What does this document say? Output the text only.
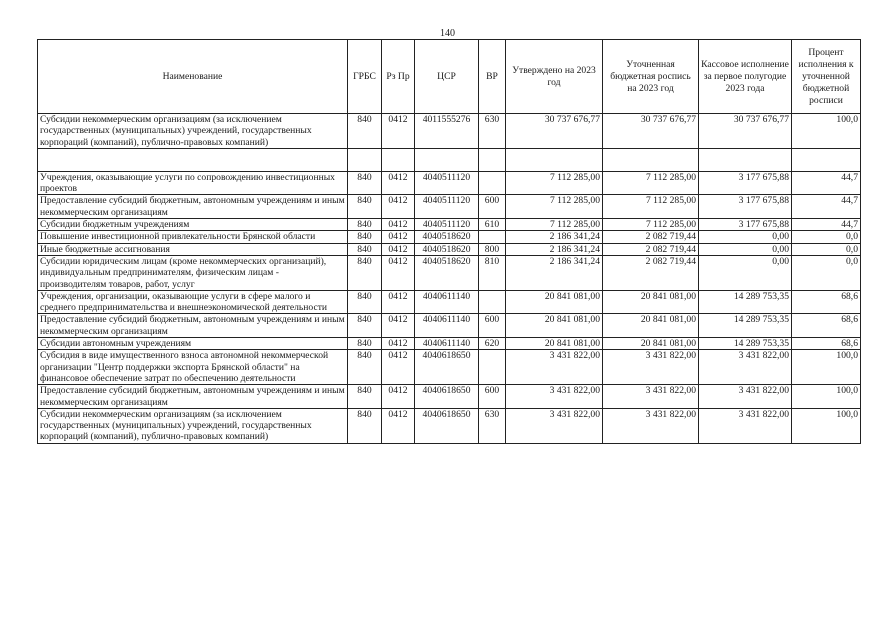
140
Наименование	ГРБС	Рз Пр	ЦСР	ВР	Утверждено на 2023 год	Уточненная бюджетная роспись на 2023 год	Кассовое исполнение за первое полугодие 2023 года	Процент исполнения к уточненной бюджетной росписи
Субсидии некоммерческим организациям (за исключением государственных (муниципальных) учреждений, государственных корпораций (компаний), публично-правовых компаний)	840	0412	4011555276	630	30 737 676,77	30 737 676,77	30 737 676,77	100,0

Учреждения, оказывающие услуги по сопровождению инвестиционных проектов	840	0412	4040511120		7 112 285,00	7 112 285,00	3 177 675,88	44,7
Предоставление субсидий бюджетным, автономным учреждениям и иным некоммерческим организациям	840	0412	4040511120	600	7 112 285,00	7 112 285,00	3 177 675,88	44,7
Субсидии бюджетным учреждениям	840	0412	4040511120	610	7 112 285,00	7 112 285,00	3 177 675,88	44,7
Повышение инвестиционной привлекательности Брянской области	840	0412	4040518620		2 186 341,24	2 082 719,44	0,00	0,0
Иные бюджетные ассигнования	840	0412	4040518620	800	2 186 341,24	2 082 719,44	0,00	0,0
Субсидии юридическим лицам (кроме некоммерческих организаций), индивидуальным предпринимателям, физическим лицам - производителям товаров, работ, услуг	840	0412	4040518620	810	2 186 341,24	2 082 719,44	0,00	0,0
Учреждения, организации, оказывающие услуги в сфере малого и среднего предпринимательства и внешнеэкономической деятельности	840	0412	4040611140		20 841 081,00	20 841 081,00	14 289 753,35	68,6
Предоставление субсидий бюджетным, автономным учреждениям и иным некоммерческим организациям	840	0412	4040611140	600	20 841 081,00	20 841 081,00	14 289 753,35	68,6
Субсидии автономным учреждениям	840	0412	4040611140	620	20 841 081,00	20 841 081,00	14 289 753,35	68,6
Субсидия в виде имущественного взноса автономной некоммерческой организации "Центр поддержки экспорта Брянской области" на финансовое обеспечение затрат по обеспечению деятельности	840	0412	4040618650		3 431 822,00	3 431 822,00	3 431 822,00	100,0
Предоставление субсидий бюджетным, автономным учреждениям и иным некоммерческим организациям	840	0412	4040618650	600	3 431 822,00	3 431 822,00	3 431 822,00	100,0
Субсидии некоммерческим организациям (за исключением государственных (муниципальных) учреждений, государственных корпораций (компаний), публично-правовых компаний)	840	0412	4040618650	630	3 431 822,00	3 431 822,00	3 431 822,00	100,0
